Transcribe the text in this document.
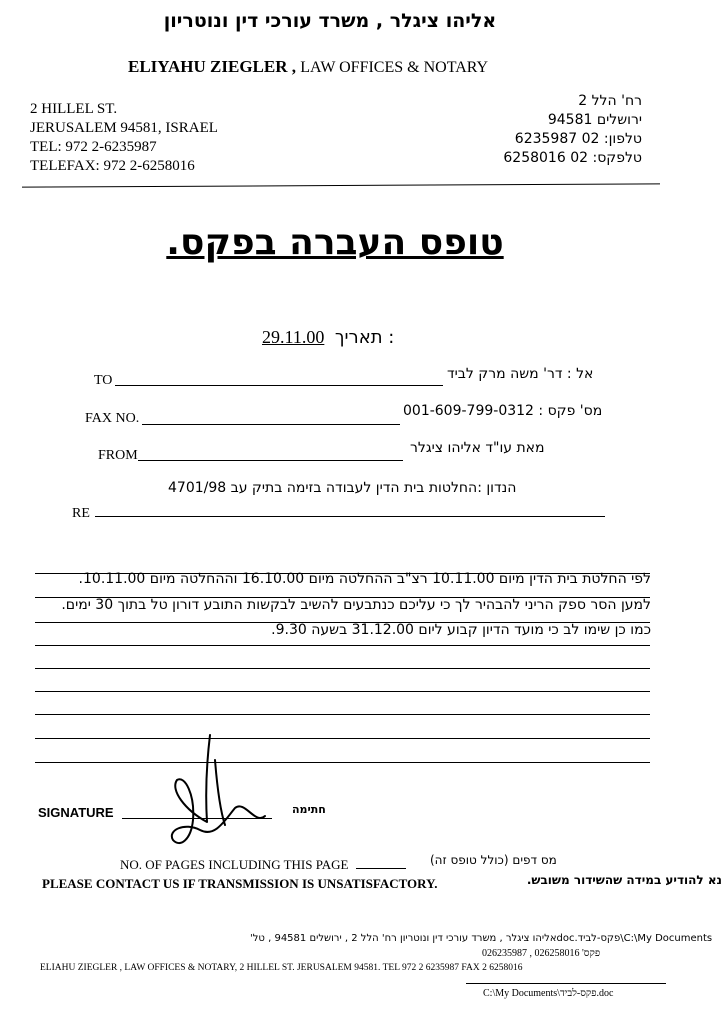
אליהו ציגלר , משרד עורכי דין ונוטריון
ELIYAHU ZIEGLER , LAW OFFICES & NOTARY
2 HILLEL ST.
JERUSALEM 94581, ISRAEL
TEL: 972 2-6235987
TELEFAX: 972 2-6258016
רח' הלל 2
ירושלים 94581
טלפון: 02 6235987
טלפקס: 02 6258016
טופס העברה בפקס.
29.11.00 תאריך :
TO	אל : דר' משה מרק לביד
FAX NO.	מס' פקס : 001-609-799-0312
FROM	מאת עו"ד אליהו ציגלר
הנדון :החלטות בית הדין לעבודה בזימה בתיק עב 4701/98
RE
לפי החלטת בית הדין מיום 10.11.00 רצ"ב ההחלטה מיום 16.10.00 וההחלטה מיום 10.11.00.
למען הסר ספק הריני להבהיר לך כי עליכם כנתבעים להשיב לבקשות התובע דורון טל בתוך 30 ימים.
כמו כן שימו לב כי מועד הדיון קבוע ליום 31.12.00 בשעה 9.30.
SIGNATURE	חתימה
NO. OF PAGES INCLUDING THIS PAGE	מס דפים (כולל טופס זה)
PLEASE CONTACT US IF TRANSMISSION IS UNSATISFACTORY.	נא להודיע במידה שהשידור משובש.
C:\My Documents\פקס-לביד.docאליהו ציגלר , משרד עורכי דין ונוטריון רח' הלל 2 , ירושלים 94581 , טל'
026235987 , פקס' 026258016
ELIAHU ZIEGLER , LAW OFFICES & NOTARY, 2 HILLEL ST. JERUSALEM 94581. TEL 972 2 6235987 FAX 2 6258016
C:\My Documents\פקס-לביד.doc
